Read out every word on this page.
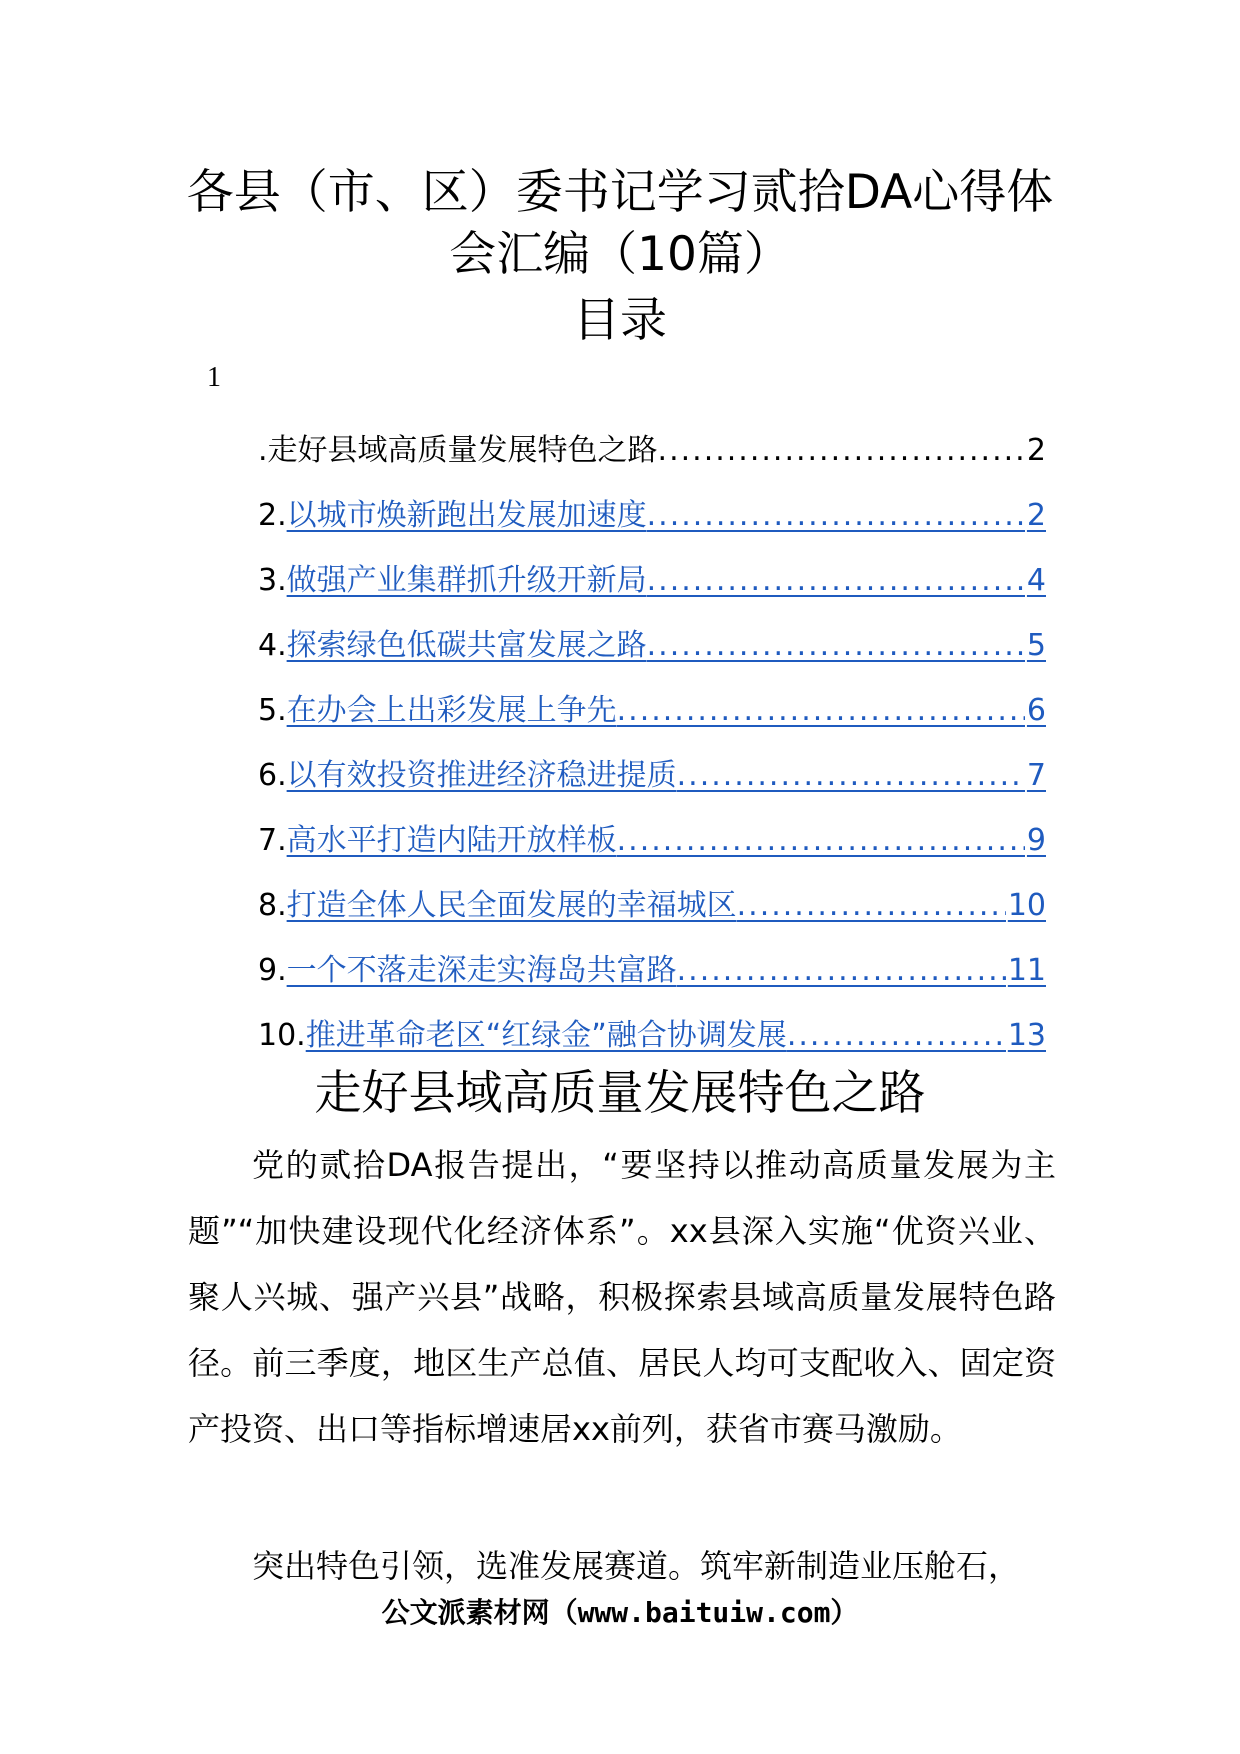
各县（市、区）委书记学习贰拾DA心得体
会汇编（10篇）
目录
1
. 走好县域高质量发展特色之路 .....	2
2. 以城市焕新跑出发展加速度 .....	2
3. 做强产业集群抓升级开新局 .....	4
4. 探索绿色低碳共富发展之路 .....	5
5. 在办会上出彩发展上争先 .....	6
6. 以有效投资推进经济稳进提质 .....	7
7. 高水平打造内陆开放样板 .....	9
8. 打造全体人民全面发展的幸福城区 .....	10
9. 一个不落走深走实海岛共富路 .....	11
10. 推进革命老区“红绿金”融合协调发展 .....	13
走好县域高质量发展特色之路

党的贰拾DA报告提出，“要坚持以推动高质量发展为主题”“加快建设现代化经济体系”。xx县深入实施“优资兴业、聚人兴城、强产兴县”战略，积极探索县域高质量发展特色路径。前三季度，地区生产总值、居民人均可支配收入、固定资产投资、出口等指标增速居xx前列，获省市赛马激励。

突出特色引领，选准发展赛道。筑牢新制造业压舱石，

公文派素材网（www.baituiw.com）
